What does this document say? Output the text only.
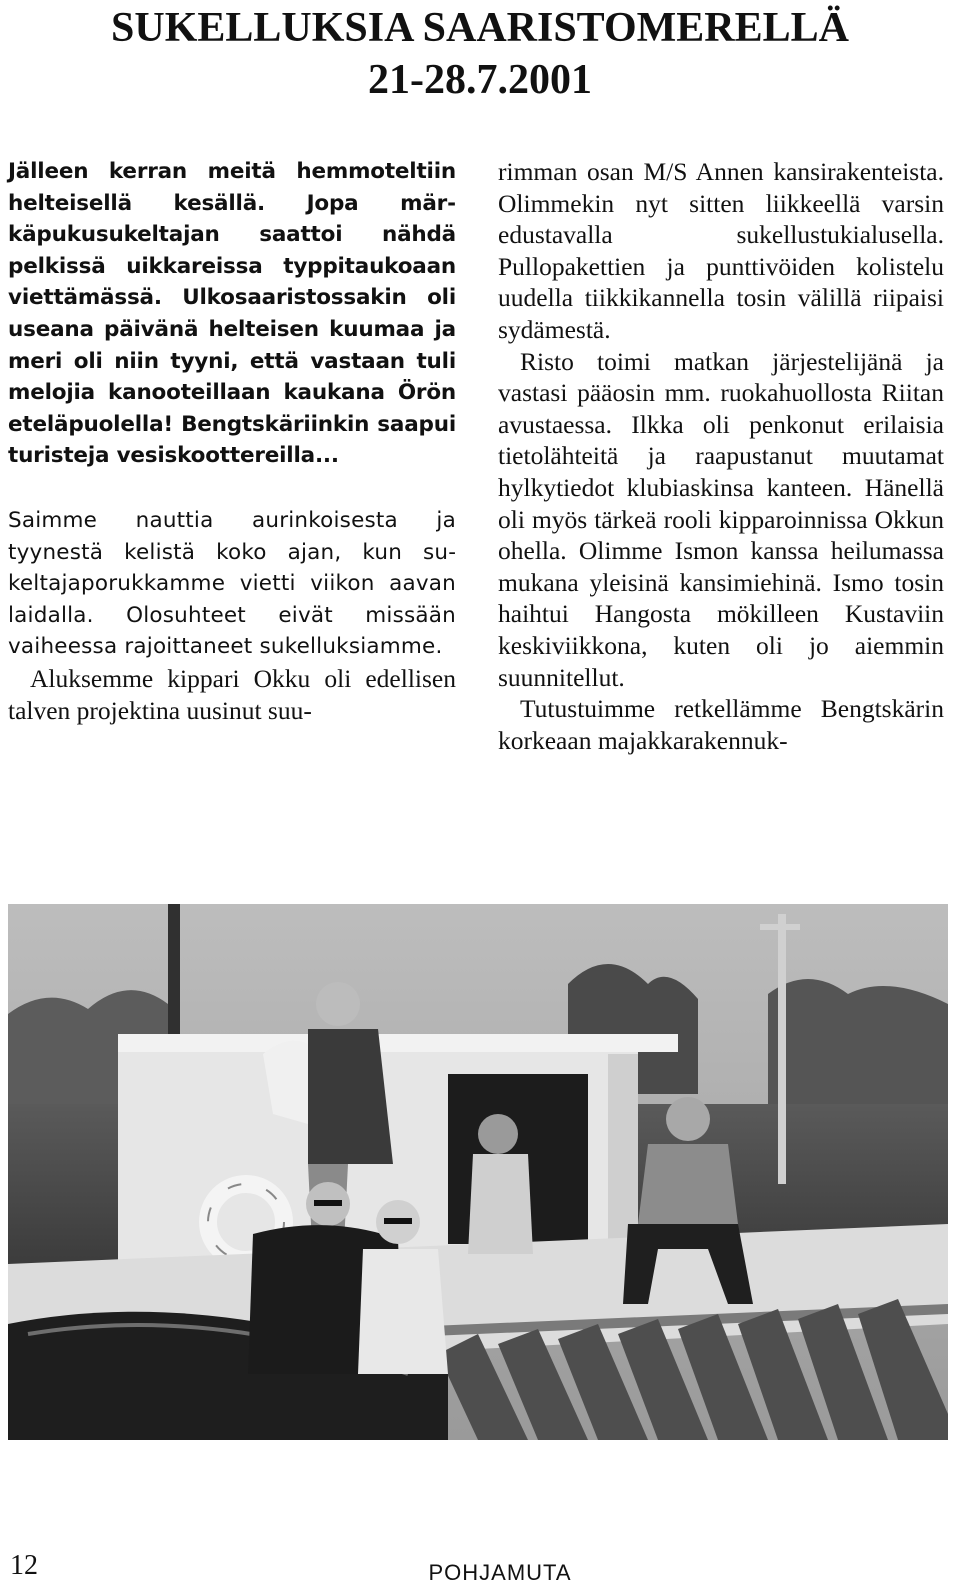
SUKELLUKSIA SAARISTOMERELLÄ
21-28.7.2001

Jälleen kerran meitä hemmoteltiin helteisellä kesällä. Jopa märkäpukusukeltajan saattoi nähdä pelkissä uikkareissa typpitaukoaan viettämässä. Ulkosaaristossakin oli useana päivänä helteisen kuumaa ja meri oli niin tyyni, että vastaan tuli melojia kanooteillaan kaukana Örön eteläpuolella! Bengtskäriinkin saapui turisteja vesiskoottereilla...

Saimme nauttia aurinkoisesta ja tyynestä kelistä koko ajan, kun sukeltajaporukkamme vietti viikon aavan laidalla. Olosuhteet eivät missään vaiheessa rajoittaneet sukelluksiamme.

Aluksemme kippari Okku oli edellisen talven projektina uusinut suu-

rimman osan M/S Annen kansirakenteista. Olimmekin nyt sitten liikkeellä varsin edustavalla sukellustukialusella. Pullopakettien ja punttivöiden kolistelu uudella tiikkikannella tosin välillä riipaisi sydämestä.

Risto toimi matkan järjestelijänä ja vastasi pääosin mm. ruokahuollosta Riitan avustaessa. Ilkka oli penkonut erilaisia tietolähteitä ja raapustanut muutamat hylkytiedot klubiaskinsa kanteen. Hänellä oli myös tärkeä rooli kipparoinnissa Okkun ohella. Olimme Ismon kanssa heilumassa mukana yleisinä kansimiehinä. Ismo tosin haihtui Hangosta mökilleen Kustaviin keskiviikkona, kuten oli jo aiemmin suunnitellut.

Tutustuimme retkellämme Bengtskärin korkeaan majakkarakennuk-

12	POHJAMUTA
